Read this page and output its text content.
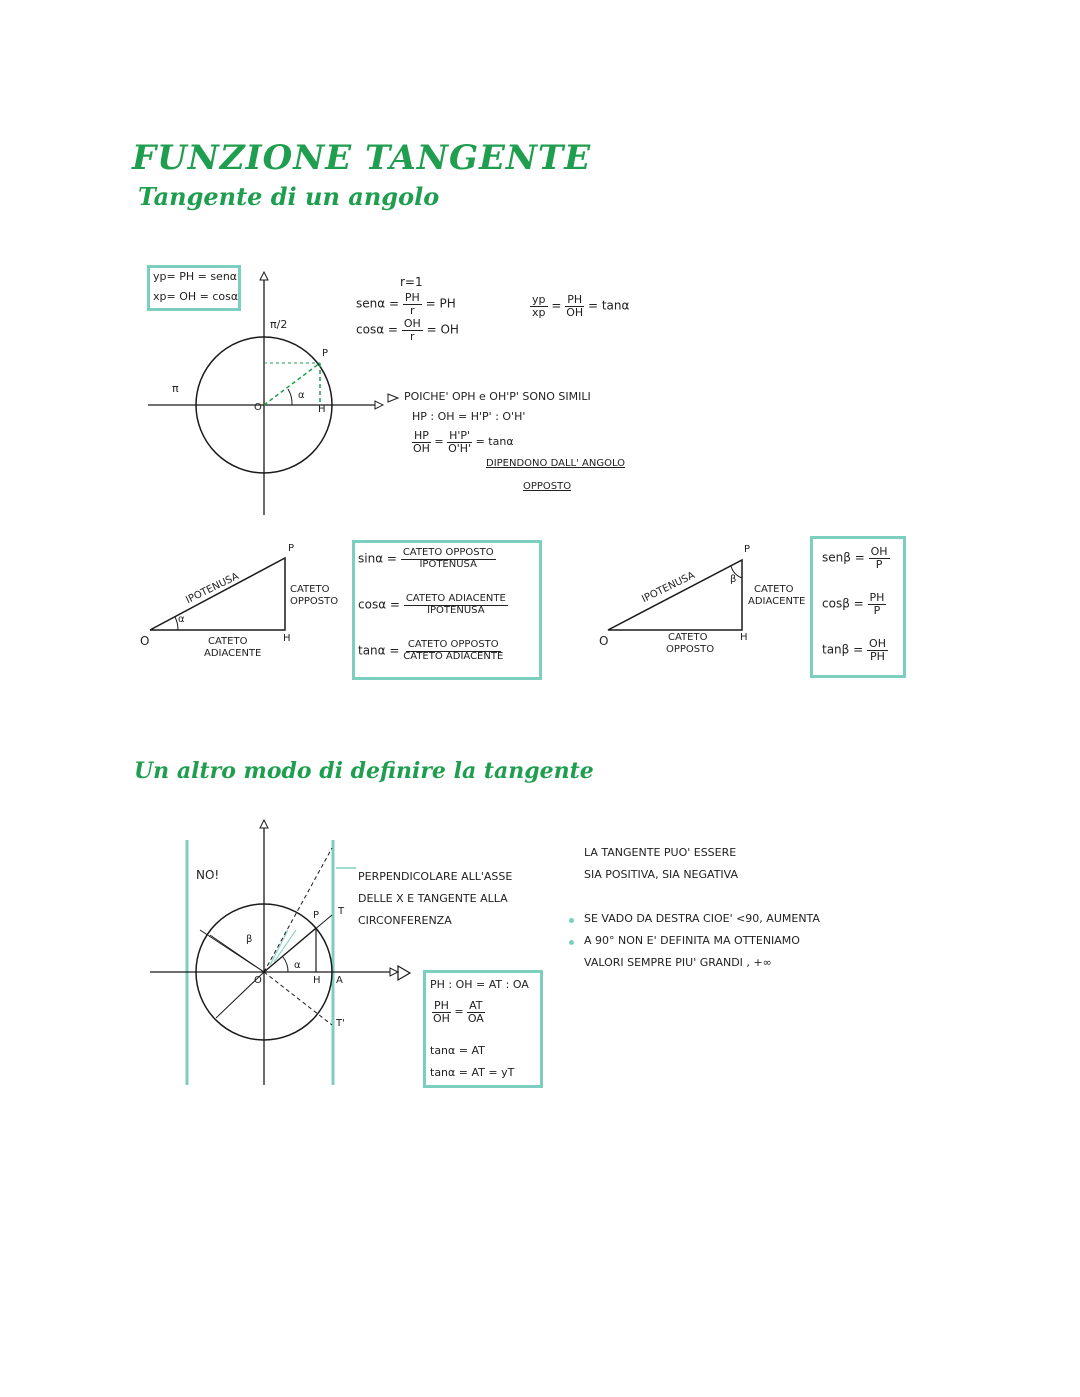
FUNZIONE TANGENTE
Tangente di un angolo
yp= PH = senα
xp= OH = cosα
π/2
π
O
P
H
α
r=1
$sen\alpha = \frac{PH}{r}$ = PH
$\cos\alpha = \frac{OH}{r}$ = OH
$\frac{yp}{xp} = \frac{PH}{OH} = \tan\alpha$
POICHE' OPH e OH'P' SONO SIMILI
HP : OH = H'P' : O'H'
$\frac{HP}{OH} = \frac{H'P'}{O'H'} = \tan\alpha$
DIPENDONO DALL' ANGOLO
OPPOSTO
O
P
H
α
IPOTENUSA	CATETO
OPPOSTO
CATETO
ADIACENTE
$\sin\alpha = \frac{\text{CATETO OPPOSTO}}{\text{IPOTENUSA}}$
$\cos\alpha = \frac{\text{CATETO ADIACENTE}}{\text{IPOTENUSA}}$
$\tan\alpha = \frac{\text{CATETO OPPOSTO}}{\text{CATETO ADIACENTE}}$	O
P
H
β
IPOTENUSA	CATETO
ADIACENTE
CATETO
OPPOSTO
$sen\beta = \frac{OH}{P}$
$\cos\beta = \frac{PH}{P}$
$\tan\beta = \frac{OH}{PH}$
Un altro modo di definire la tangente
NO!
O
P T
H A
T'
α
β
PERPENDICOLARE ALL'ASSE
DELLE X E TANGENTE ALLA
CIRCONFERENZA
PH : OH = AT : OA
$\frac{PH}{OH} = \frac{AT}{OA}$
tanα = AT
tanα = AT = yT
LA TANGENTE PUO' ESSERE
SIA POSITIVA, SIA NEGATIVA
SE VADO DA DESTRA CIOE' <90, AUMENTA
A 90° NON E' DEFINITA MA OTTENIAMO
VALORI SEMPRE PIU' GRANDI , +∞
